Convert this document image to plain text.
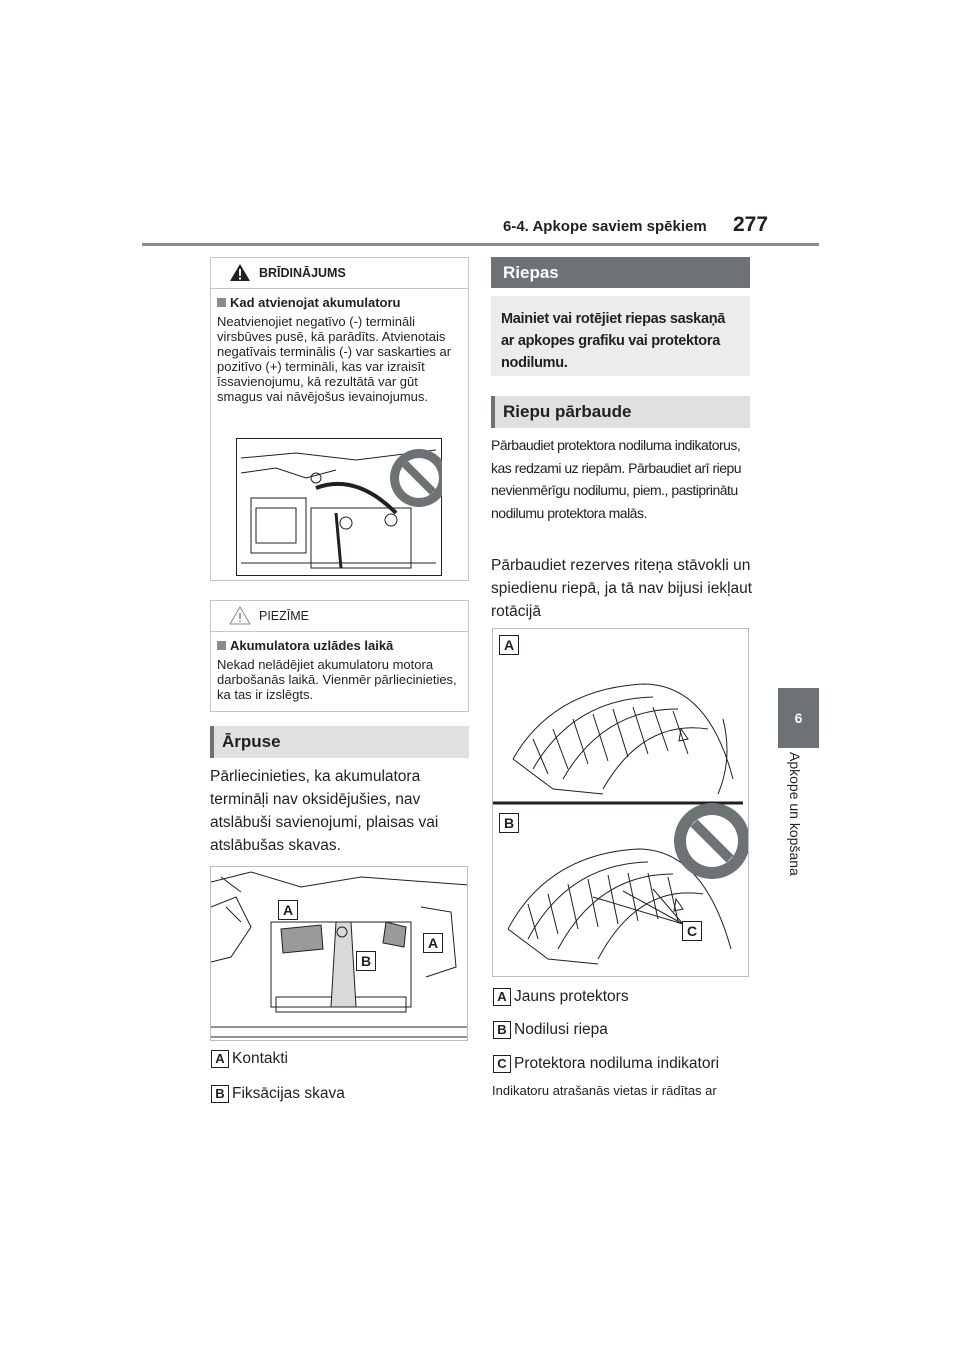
6-4. Apkope saviem spēkiem 277
6
Apkope un kopšana
BRĪDINĀJUMS
Kad atvienojat akumulatoru
Neatvienojiet negatīvo (-) termināli virsbūves pusē, kā parādīts. Atvienotais negatīvais terminālis (-) var saskarties ar pozitīvo (+) termināli, kas var izraisīt īssavienojumu, kā rezultātā var gūt smagus vai nāvējošus ievainojumus.
PIEZĪME
Akumulatora uzlādes laikā
Nekad nelādējiet akumulatoru motora darbošanās laikā. Vienmēr pārliecinieties, ka tas ir izslēgts.
Ārpuse
Pārliecinieties, ka akumulatora termināļi nav oksidējušies, nav atslābuši savienojumi, plaisas vai atslābušas skavas.
A
A
B
A Kontakti
B Fiksācijas skava
Riepas
Mainiet vai rotējiet riepas saskaņā ar apkopes grafiku vai protektora nodilumu.
Riepu pārbaude
Pārbaudiet protektora nodiluma indikatorus, kas redzami uz riepām. Pārbaudiet arī riepu nevienmērīgu nodilumu, piem., pastiprinātu nodilumu protektora malās.
Pārbaudiet rezerves riteņa stāvokli un spiedienu riepā, ja tā nav bijusi iekļaut rotācijā
A
B
C
A Jauns protektors
B Nodilusi riepa
C Protektora nodiluma indikatori
Indikatoru atrašanās vietas ir rādītas ar
